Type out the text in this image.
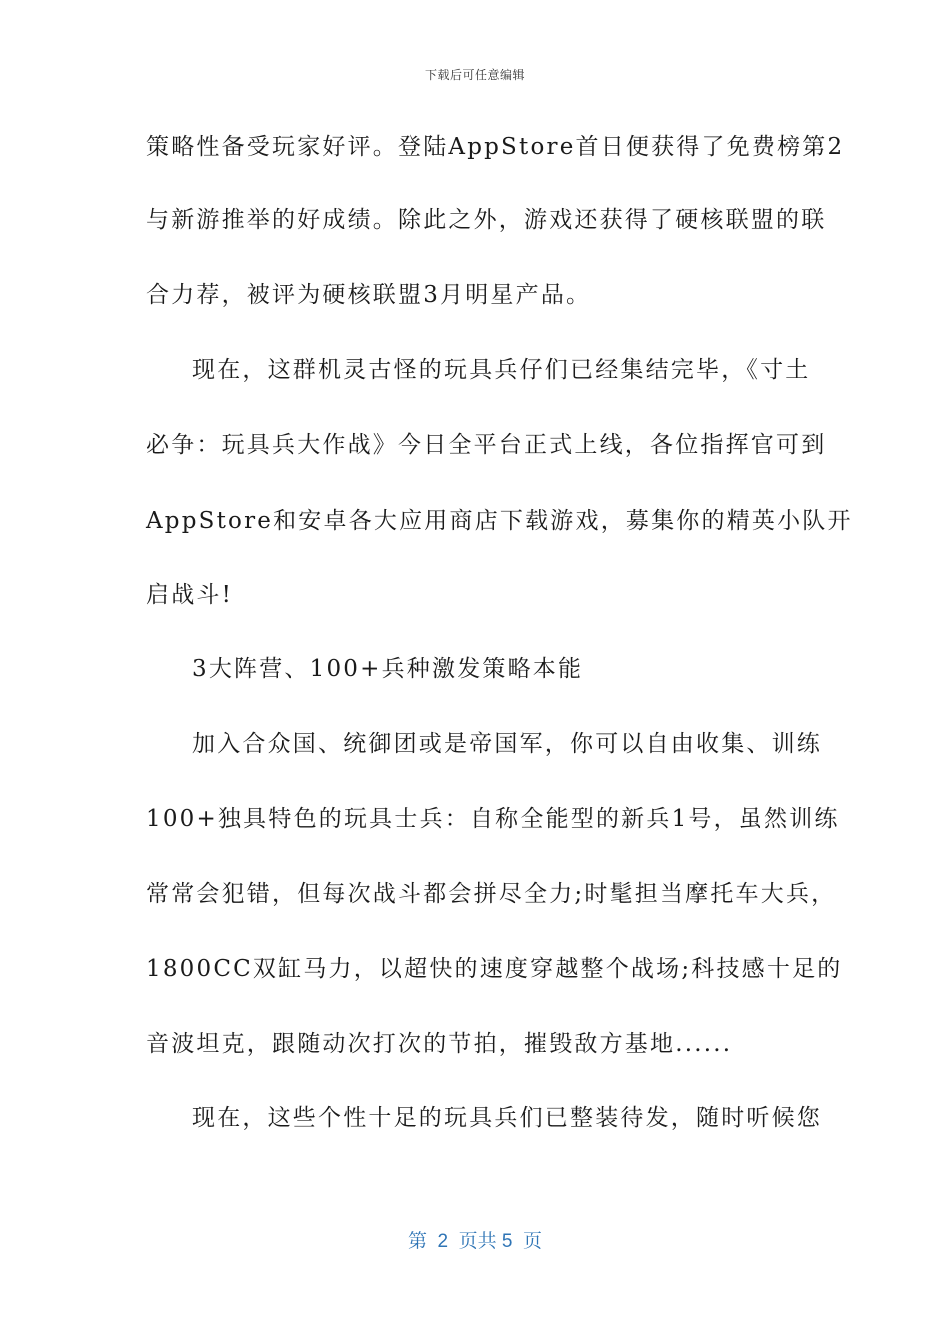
下载后可任意编辑
策略性备受玩家好评。登陆AppStore首日便获得了免费榜第2
与新游推举的好成绩。除此之外，游戏还获得了硬核联盟的联
合力荐，被评为硬核联盟3月明星产品。
现在，这群机灵古怪的玩具兵仔们已经集结完毕，《寸土
必争：玩具兵大作战》今日全平台正式上线，各位指挥官可到
AppStore和安卓各大应用商店下载游戏，募集你的精英小队开
启战斗!
3大阵营、100+兵种激发策略本能
加入合众国、统御团或是帝国军，你可以自由收集、训练
100+独具特色的玩具士兵：自称全能型的新兵1号，虽然训练
常常会犯错，但每次战斗都会拼尽全力;时髦担当摩托车大兵，
1800CC双缸马力，以超快的速度穿越整个战场;科技感十足的
音波坦克，跟随动次打次的节拍，摧毁敌方基地......
现在，这些个性十足的玩具兵们已整装待发，随时听候您
第  2  页共 5  页
